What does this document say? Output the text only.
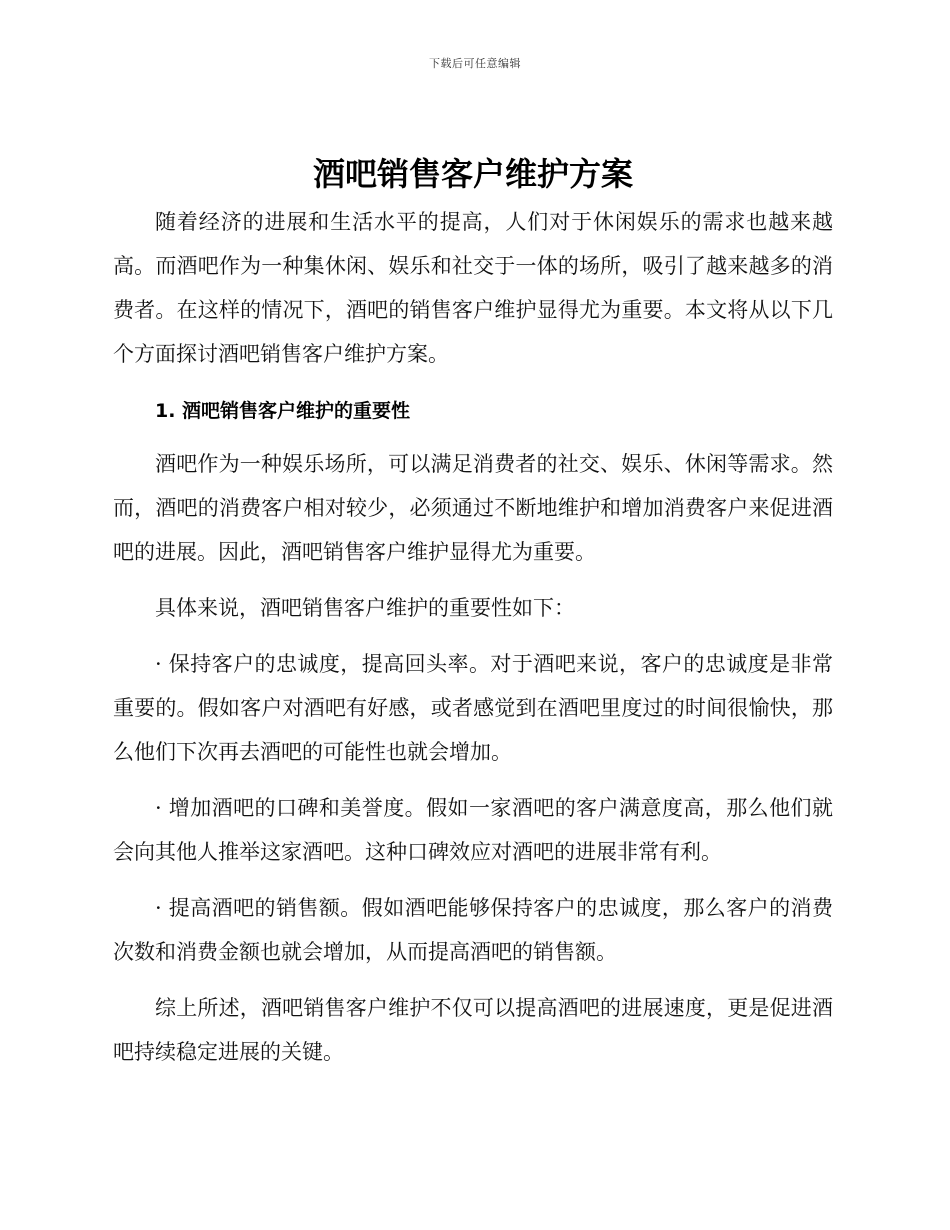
下载后可任意编辑
酒吧销售客户维护方案

随着经济的进展和生活水平的提高，人们对于休闲娱乐的需求也越来越高。而酒吧作为一种集休闲、娱乐和社交于一体的场所，吸引了越来越多的消费者。在这样的情况下，酒吧的销售客户维护显得尤为重要。本文将从以下几个方面探讨酒吧销售客户维护方案。

1. 酒吧销售客户维护的重要性

酒吧作为一种娱乐场所，可以满足消费者的社交、娱乐、休闲等需求。然而，酒吧的消费客户相对较少，必须通过不断地维护和增加消费客户来促进酒吧的进展。因此，酒吧销售客户维护显得尤为重要。

具体来说，酒吧销售客户维护的重要性如下：

· 保持客户的忠诚度，提高回头率。对于酒吧来说，客户的忠诚度是非常重要的。假如客户对酒吧有好感，或者感觉到在酒吧里度过的时间很愉快，那么他们下次再去酒吧的可能性也就会增加。

· 增加酒吧的口碑和美誉度。假如一家酒吧的客户满意度高，那么他们就会向其他人推举这家酒吧。这种口碑效应对酒吧的进展非常有利。

· 提高酒吧的销售额。假如酒吧能够保持客户的忠诚度，那么客户的消费次数和消费金额也就会增加，从而提高酒吧的销售额。

综上所述，酒吧销售客户维护不仅可以提高酒吧的进展速度，更是促进酒吧持续稳定进展的关键。
